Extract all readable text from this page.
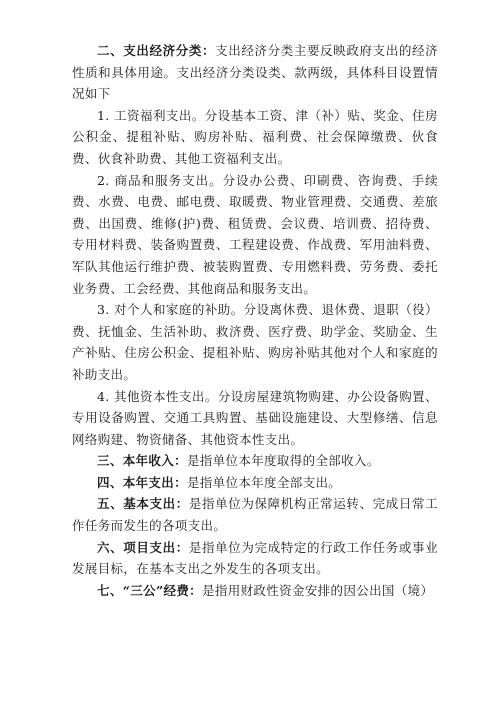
二、支出经济分类：支出经济分类主要反映政府支出的经济性质和具体用途。支出经济分类设类、款两级，具体科目设置情况如下

1. 工资福利支出。分设基本工资、津（补）贴、奖金、住房公积金、提租补贴、购房补贴、福利费、社会保障缴费、伙食费、伙食补助费、其他工资福利支出。

2. 商品和服务支出。分设办公费、印刷费、咨询费、手续费、水费、电费、邮电费、取暖费、物业管理费、交通费、差旅费、出国费、维修(护)费、租赁费、会议费、培训费、招待费、专用材料费、装备购置费、工程建设费、作战费、军用油料费、军队其他运行维护费、被装购置费、专用燃料费、劳务费、委托业务费、工会经费、其他商品和服务支出。

3. 对个人和家庭的补助。分设离休费、退休费、退职（役）费、抚恤金、生活补助、救济费、医疗费、助学金、奖励金、生产补贴、住房公积金、提租补贴、购房补贴其他对个人和家庭的补助支出。

4. 其他资本性支出。分设房屋建筑物购建、办公设备购置、专用设备购置、交通工具购置、基础设施建设、大型修缮、信息网络购建、物资储备、其他资本性支出。

三、本年收入：是指单位本年度取得的全部收入。

四、本年支出：是指单位本年度全部支出。

五、基本支出：是指单位为保障机构正常运转、完成日常工作任务而发生的各项支出。

六、项目支出：是指单位为完成特定的行政工作任务或事业发展目标，在基本支出之外发生的各项支出。

七、“三公”经费：是指用财政性资金安排的因公出国（境）
